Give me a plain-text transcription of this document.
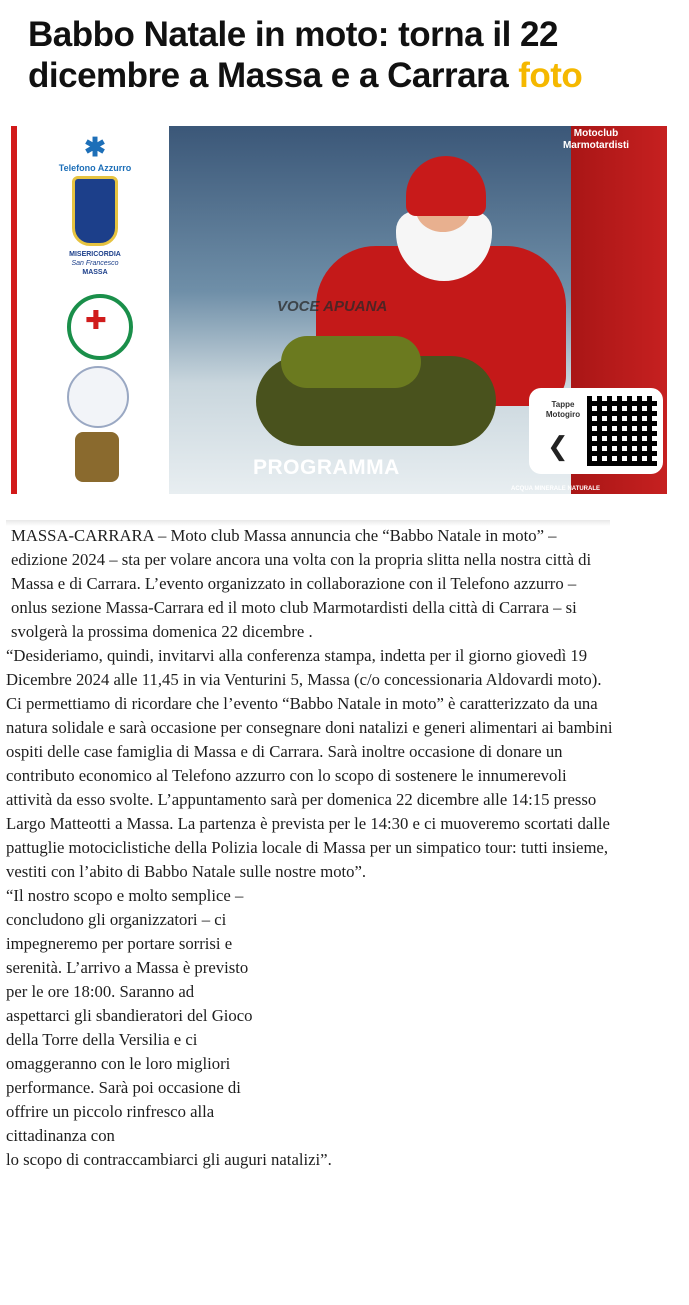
Babbo Natale in moto: torna il 22 dicembre a Massa e a Carrara foto
✱
Telefono Azzurro
MISERICORDIA
San Francesco
MASSA
✚
Motoclub Marmotardisti
VOCE APUANA
PROGRAMMA
Tappe Motogiro
❮
ACQUA MINERALE NATURALE

MASSA-CARRARA – Moto club Massa annuncia che “Babbo Natale in moto” – edizione 2024 – sta per volare ancora una volta con la propria slitta nella nostra città di Massa e di Carrara. L’evento organizzato in collaborazione con il Telefono azzurro – onlus sezione Massa-Carrara ed il moto club Marmotardisti della città di Carrara – si svolgerà la prossima domenica 22 dicembre .

“Desideriamo, quindi, invitarvi alla conferenza stampa, indetta per il giorno giovedì 19 Dicembre 2024 alle 11,45 in via Venturini 5, Massa (c/o concessionaria Aldovardi moto). Ci permettiamo di ricordare che l’evento “Babbo Natale in moto” è caratterizzato da una natura solidale e sarà occasione per consegnare doni natalizi e generi alimentari ai bambini ospiti delle case famiglia di Massa e di Carrara. Sarà inoltre occasione di donare un contributo economico al Telefono azzurro con lo scopo di sostenere le innumerevoli attività da esso svolte. L’appuntamento sarà per domenica 22 dicembre alle 14:15 presso Largo Matteotti a Massa. La partenza è prevista per le 14:30 e ci muoveremo scortati dalle pattuglie motociclistiche della Polizia locale di Massa per un simpatico tour: tutti insieme, vestiti con l’abito di Babbo Natale sulle nostre moto”.

“Il nostro scopo e molto semplice – concludono gli organizzatori – ci impegneremo per portare sorrisi e serenità. L’arrivo a Massa è previsto per le ore 18:00. Saranno ad aspettarci gli sbandieratori del Gioco della Torre della Versilia e ci omaggeranno con le loro migliori performance. Sarà poi occasione di offrire un piccolo rinfresco alla cittadinanza con

lo scopo di contraccambiarci gli auguri natalizi”.
